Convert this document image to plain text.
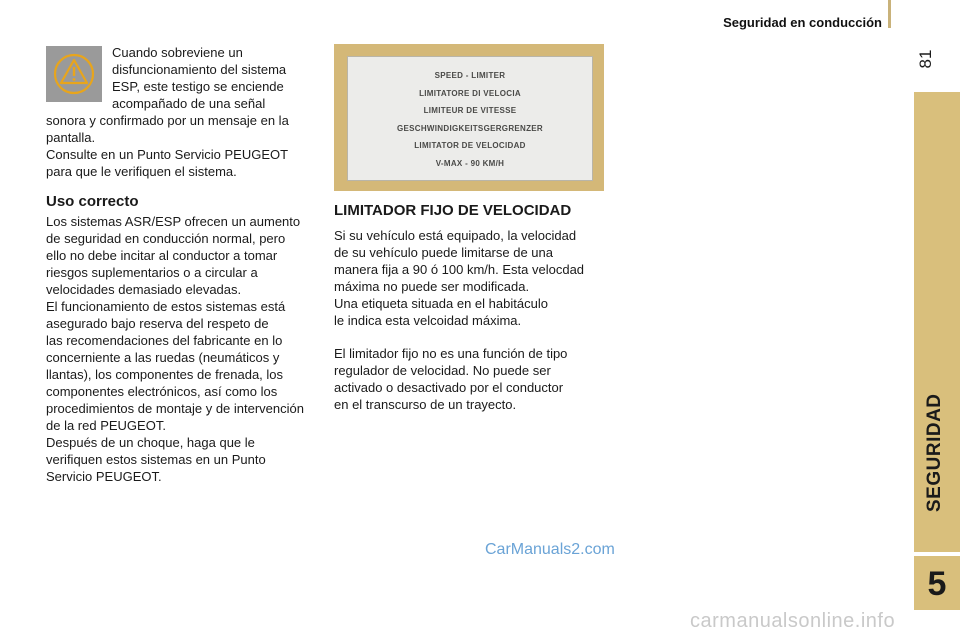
Seguridad en conducción
81
SEGURIDAD
5
Cuando sobreviene un
disfuncionamiento del sistema
ESP, este testigo se enciende
acompañado de una señal
sonora y confirmado por un mensaje en la
pantalla.
Consulte en un Punto Servicio PEUGEOT
para que le verifiquen el sistema.
Uso correcto
Los sistemas ASR/ESP ofrecen un aumento
de seguridad en conducción normal, pero
ello no debe incitar al conductor a tomar
riesgos suplementarios o a circular a
velocidades demasiado elevadas.
El funcionamiento de estos sistemas está
asegurado bajo reserva del respeto de
las recomendaciones del fabricante en lo
concerniente a las ruedas (neumáticos y
llantas), los componentes de frenada, los
componentes electrónicos, así como los
procedimientos de montaje y de intervención
de la red PEUGEOT.
Después de un choque, haga que le
verifiquen estos sistemas en un Punto
Servicio PEUGEOT.
SPEED - LIMITER
LIMITATORE DI VELOCIA
LIMITEUR DE VITESSE
GESCHWINDIGKEITSGERGRENZER
LIMITATOR DE VELOCIDAD
V-MAX - 90 KM/H
LIMITADOR FIJO DE VELOCIDAD
Si su vehículo está equipado, la velocidad
de su vehículo puede limitarse de una
manera fija a 90 ó 100 km/h. Esta velocdad
máxima no puede ser modificada.
Una etiqueta situada en el habitáculo
le indica esta velcoidad máxima.
El limitador fijo no es una función de tipo
regulador de velocidad. No puede ser
activado o desactivado por el conductor
en el transcurso de un trayecto.
CarManuals2.com
carmanualsonline.info
